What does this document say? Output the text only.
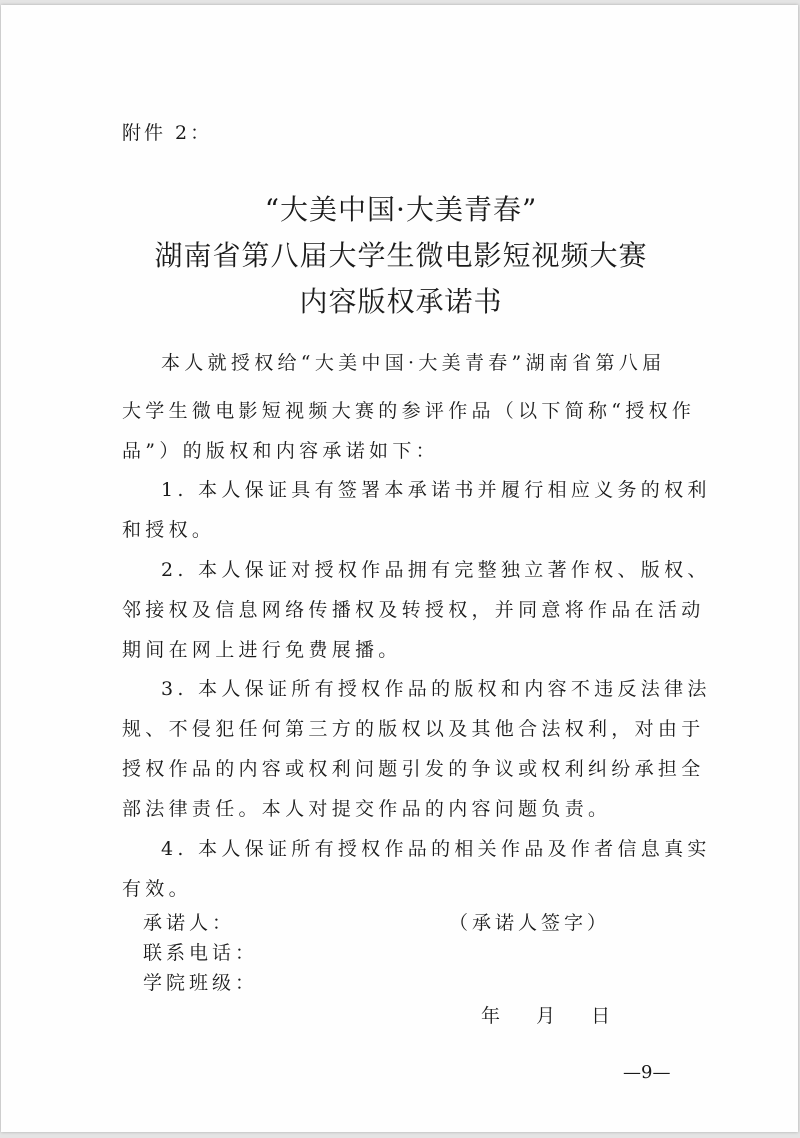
附件 2：
“大美中国·大美青春”
湖南省第八届大学生微电影短视频大赛
内容版权承诺书
本人就授权给“大美中国·大美青春”湖南省第八届
大学生微电影短视频大赛的参评作品（以下简称“授权作
品”）的版权和内容承诺如下：
1. 本人保证具有签署本承诺书并履行相应义务的权利
和授权。
2. 本人保证对授权作品拥有完整独立著作权、版权、
邻接权及信息网络传播权及转授权，并同意将作品在活动
期间在网上进行免费展播。
3. 本人保证所有授权作品的版权和内容不违反法律法
规、不侵犯任何第三方的版权以及其他合法权利，对由于
授权作品的内容或权利问题引发的争议或权利纠纷承担全
部法律责任。本人对提交作品的内容问题负责。
4. 本人保证所有授权作品的相关作品及作者信息真实
有效。
承诺人：	（承诺人签字）
联系电话：
学院班级：
年 月 日
—9—
